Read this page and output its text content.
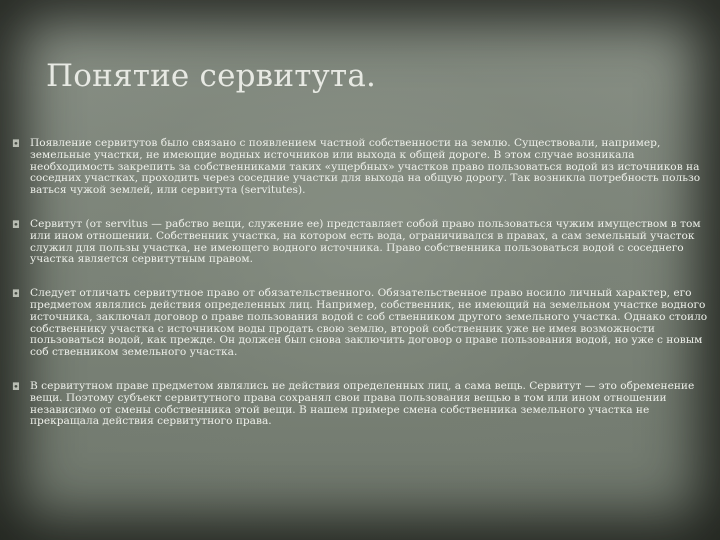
Понятие сервитута.
◘ Появление сервитутов было связано с появлением частной собственности на землю. Существовали, например, земельные участки, не имеющие водных источников или выхода к общей дороге. В этом случае возникала необходимость закрепить за собственниками таких «ущербных» участков право пользоваться водой из источников на соседних участках, проходить через соседние участки для выхода на общую дорогу. Так возникла потребность пользо ваться чужой землей, или сервитута (servitutes).
◘ Сервитут (от servitus — рабство вещи, служение ее) представляет собой право пользоваться чужим имуществом в том или ином отношении. Собственник участка, на котором есть вода, ограничивался в правах, а сам земельный участок служил для пользы участка, не имеющего водного источника. Право собственника пользоваться водой с соседнего участка является сервитутным правом.
◘ Следует отличать сервитутное право от обязательственного. Обязательственное право носило личный характер, его предметом являлись действия определенных лиц. Например, собственник, не имеющий на земельном участке водного источника, заключал договор о праве пользования водой с соб ственником другого земельного участка. Однако стоило собственнику участка с источником воды продать свою землю, второй собственник уже не имея возможности пользоваться водой, как прежде. Он должен был снова заключить договор о праве пользования водой, но уже с новым соб ственником земельного участка.
◘ В сервитутном праве предметом являлись не действия определенных лиц, а сама вещь. Сервитут — это обременение вещи. Поэтому субъект сервитутного права сохранял свои права пользования вещью в том или ином отношении независимо от смены собственника этой вещи. В нашем примере смена собственника земельного участка не прекращала действия сервитутного права.
